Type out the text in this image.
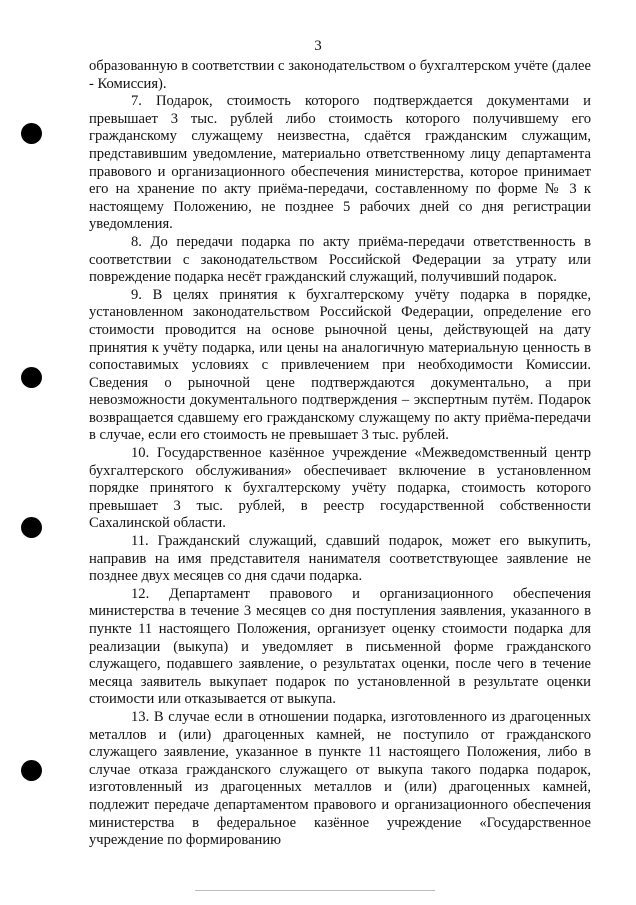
3

образованную в соответствии с законодательством о бухгалтерском учёте (далее - Комиссия).

7. Подарок, стоимость которого подтверждается документами и превышает 3 тыс. рублей либо стоимость которого получившему его гражданскому служащему неизвестна, сдаётся гражданским служащим, представившим уведомление, материально ответственному лицу департамента правового и организационного обеспечения министерства, которое принимает его на хранение по акту приёма-передачи, составленному по форме № 3 к настоящему Положению, не позднее 5 рабочих дней со дня регистрации уведомления.

8. До передачи подарка по акту приёма-передачи ответственность в соответствии с законодательством Российской Федерации за утрату или повреждение подарка несёт гражданский служащий, получивший подарок.

9. В целях принятия к бухгалтерскому учёту подарка в порядке, установленном законодательством Российской Федерации, определение его стоимости проводится на основе рыночной цены, действующей на дату принятия к учёту подарка, или цены на аналогичную материальную ценность в сопоставимых условиях с привлечением при необходимости Комиссии. Сведения о рыночной цене подтверждаются документально, а при невозможности документального подтверждения – экспертным путём. Подарок возвращается сдавшему его гражданскому служащему по акту приёма-передачи в случае, если его стоимость не превышает 3 тыс. рублей.

10. Государственное казённое учреждение «Межведомственный центр бухгалтерского обслуживания» обеспечивает включение в установленном порядке принятого к бухгалтерскому учёту подарка, стоимость которого превышает 3 тыс. рублей, в реестр государственной собственности Сахалинской области.

11. Гражданский служащий, сдавший подарок, может его выкупить, направив на имя представителя нанимателя соответствующее заявление не позднее двух месяцев со дня сдачи подарка.

12. Департамент правового и организационного обеспечения министерства в течение 3 месяцев со дня поступления заявления, указанного в пункте 11 настоящего Положения, организует оценку стоимости подарка для реализации (выкупа) и уведомляет в письменной форме гражданского служащего, подавшего заявление, о результатах оценки, после чего в течение месяца заявитель выкупает подарок по установленной в результате оценки стоимости или отказывается от выкупа.

13. В случае если в отношении подарка, изготовленного из драгоценных металлов и (или) драгоценных камней, не поступило от гражданского служащего заявление, указанное в пункте 11 настоящего Положения, либо в случае отказа гражданского служащего от выкупа такого подарка подарок, изготовленный из драгоценных металлов и (или) драгоценных камней, подлежит передаче департаментом правового и организационного обеспечения министерства в федеральное казённое учреждение «Государственное учреждение по формированию
